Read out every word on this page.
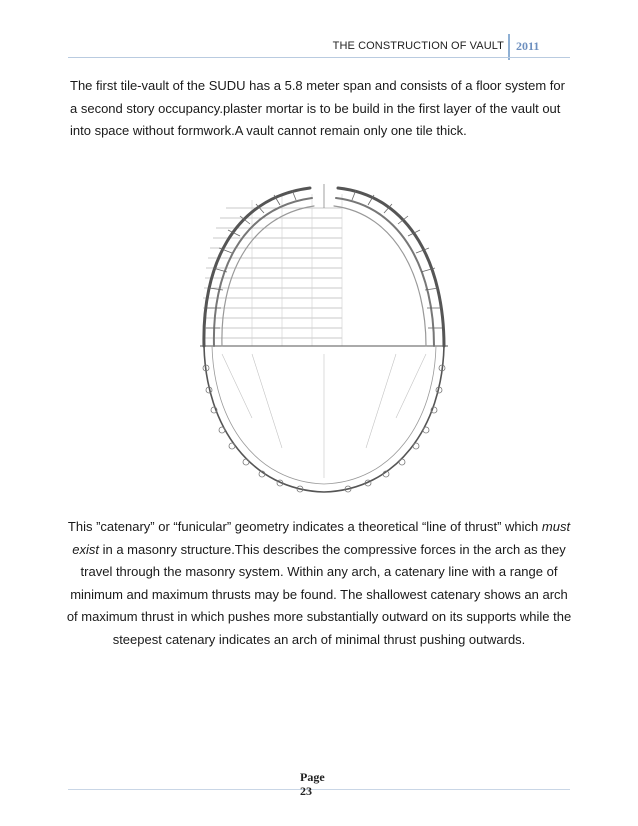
THE CONSTRUCTION OF VAULT 2011

The first tile-vault of the SUDU has a 5.8 meter span and consists of a floor system for a second story occupancy.plaster mortar is to be build in the first layer of the vault out into space without formwork.A vault cannot remain only one tile thick.

This ”catenary” or “funicular” geometry indicates a theoretical “line of thrust” which must exist in a masonry structure.This describes the compressive forces in the arch as they travel through the masonry system. Within any arch, a catenary line with a range of minimum and maximum thrusts may be found. The shallowest catenary shows an arch of maximum thrust in which pushes more substantially outward on its supports while the steepest catenary indicates an arch of minimal thrust pushing outwards.

Page
23
